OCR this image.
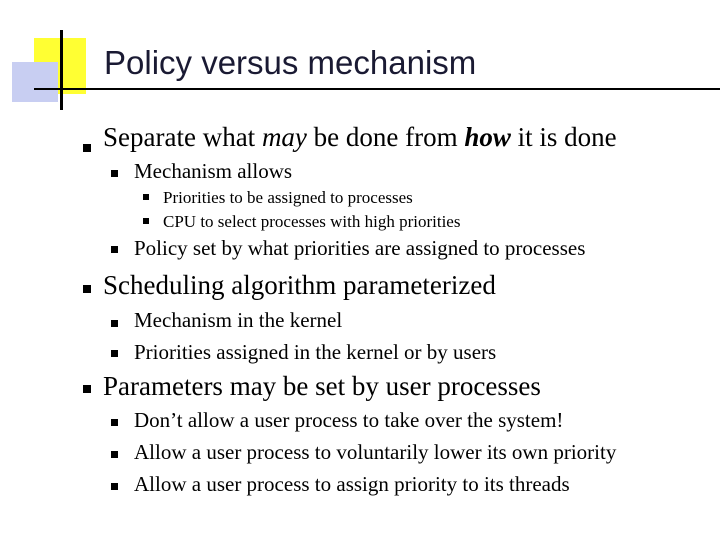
Policy versus mechanism
Separate what may be done from how it is done
Mechanism allows
Priorities to be assigned to processes
CPU to select processes with high priorities
Policy set by what priorities are assigned to processes
Scheduling algorithm parameterized
Mechanism in the kernel
Priorities assigned in the kernel or by users
Parameters may be set by user processes
Don’t allow a user process to take over the system!
Allow a user process to voluntarily lower its own priority
Allow a user process to assign priority to its threads
